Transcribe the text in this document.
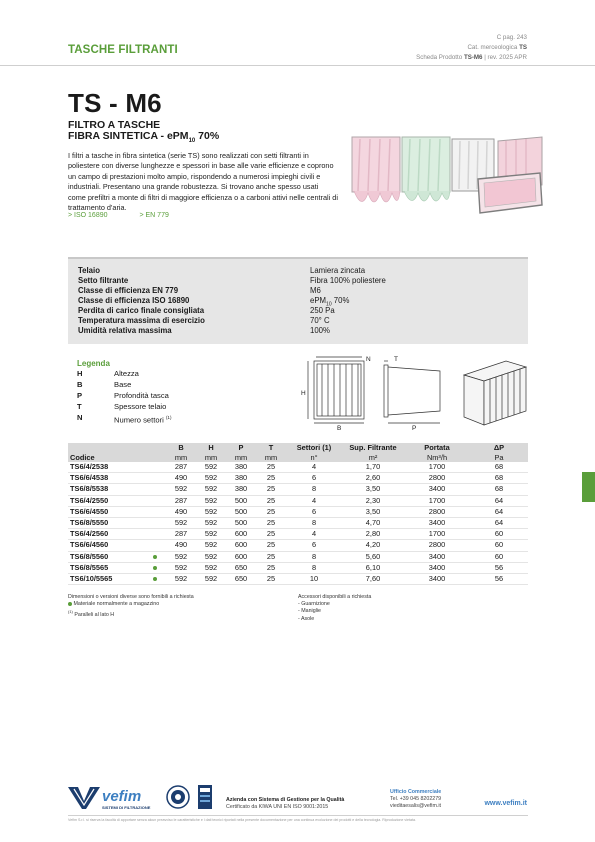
C pag. 243
Cat. merceologica TS
Scheda Prodotto TS-M6 | rev. 2025 APR
TASCHE FILTRANTI
TS - M6
FILTRO A TASCHE
FIBRA SINTETICA - ePM$_{10}$ 70%
I filtri a tasche in fibra sintetica (serie TS) sono realizzati con setti filtranti in poliestere con diverse lunghezze e spessori in base alle varie efficienze e coprono un campo di prestazioni molto ampio, rispondendo a numerosi impieghi civili e industriali. Presentano una grande robustezza. Si trovano anche spesso usati come prefiltri a monte di filtri di maggiore efficienza o a carboni attivi nelle centrali di trattamento d'aria.
> ISO 16890	> EN 779
Telaio	Lamiera zincata
Setto filtrante	Fibra 100% poliestere
Classe di efficienza EN 779	M6
Classe di efficienza ISO 16890	ePM$_{10}$ 70%
Perdita di carico finale consigliata	250 Pa
Temperatura massima di esercizio	70° C
Umidità relativa massima	100%
Legenda
H	Altezza
B	Base
P	Profondità tasca
T	Spessore telaio
N	Numero settori $^{(1)}$
H
B
N	T
P
		B	H	P	T	Settori (1)	Sup. Filtrante	Portata	ΔP
Codice		mm	mm	mm	mm	n°	m²	Nm³/h	Pa
TS6/4/2538		287	592	380	25	4	1,70	1700	68
TS6/6/4538		490	592	380	25	6	2,60	2800	68
TS6/8/5538		592	592	380	25	8	3,50	3400	68
TS6/4/2550		287	592	500	25	4	2,30	1700	64
TS6/6/4550		490	592	500	25	6	3,50	2800	64
TS6/8/5550		592	592	500	25	8	4,70	3400	64
TS6/4/2560		287	592	600	25	4	2,80	1700	60
TS6/6/4560		490	592	600	25	6	4,20	2800	60
TS6/8/5560		592	592	600	25	8	5,60	3400	60
TS6/8/5565		592	592	650	25	8	6,10	3400	56
TS6/10/5565		592	592	650	25	10	7,60	3400	56
Dimensioni o versioni diverse sono fornibili a richiesta
Materiale normalmente a magazzino
$^{(1)}$ Paralleli al lato H
Accessori disponibili a richiesta
- Guarnizione
- Maniglie
- Asole
vefim
SISTEMI DI FILTRAZIONE
Azienda con Sistema di Gestione per la Qualità
Certificato da KIWA UNI EN ISO 9001:2015
Ufficio Commerciale
Tel. +39 045 8202279
vieditaesalis@vefim.it	www.vefim.it
Vefim S.r.l. si riserva la facoltà di apportare senza alcun preavviso le caratteristiche e i dati tecnici riportati nella presente documentazione per una continua evoluzione dei prodotti e della tecnologia. Riproduzione vietata.
